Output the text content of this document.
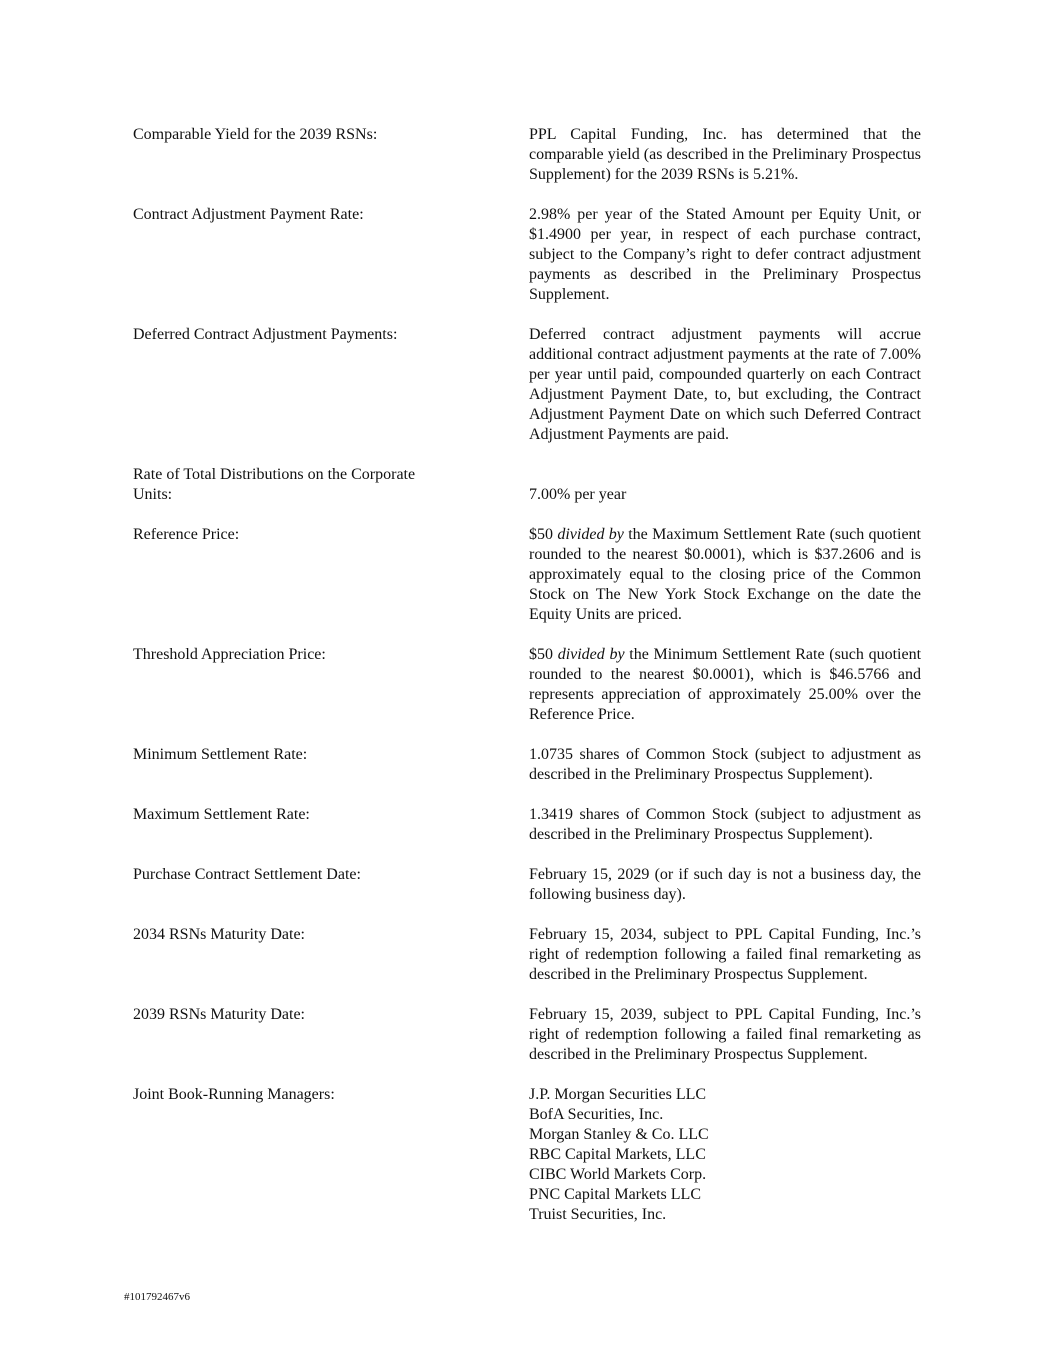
Comparable Yield for the 2039 RSNs:	PPL Capital Funding, Inc. has determined that the comparable yield (as described in the Preliminary Prospectus Supplement) for the 2039 RSNs is 5.21%.
Contract Adjustment Payment Rate:	2.98% per year of the Stated Amount per Equity Unit, or $1.4900 per year, in respect of each purchase contract, subject to the Company’s right to defer contract adjustment payments as described in the Preliminary Prospectus Supplement.
Deferred Contract Adjustment Payments:	Deferred contract adjustment payments will accrue additional contract adjustment payments at the rate of 7.00% per year until paid, compounded quarterly on each Contract Adjustment Payment Date, to, but excluding, the Contract Adjustment Payment Date on which such Deferred Contract Adjustment Payments are paid.
Rate of Total Distributions on the Corporate
Units:	7.00% per year
Reference Price:	$50 divided by the Maximum Settlement Rate (such quotient rounded to the nearest $0.0001), which is $37.2606 and is approximately equal to the closing price of the Common Stock on The New York Stock Exchange on the date the Equity Units are priced.
Threshold Appreciation Price:	$50 divided by the Minimum Settlement Rate (such quotient rounded to the nearest $0.0001), which is $46.5766 and represents appreciation of approximately 25.00% over the Reference Price.
Minimum Settlement Rate:	1.0735 shares of Common Stock (subject to adjustment as described in the Preliminary Prospectus Supplement).
Maximum Settlement Rate:	1.3419 shares of Common Stock (subject to adjustment as described in the Preliminary Prospectus Supplement).
Purchase Contract Settlement Date:	February 15, 2029 (or if such day is not a business day, the following business day).
2034 RSNs Maturity Date:	February 15, 2034, subject to PPL Capital Funding, Inc.’s right of redemption following a failed final remarketing as described in the Preliminary Prospectus Supplement.
2039 RSNs Maturity Date:	February 15, 2039, subject to PPL Capital Funding, Inc.’s right of redemption following a failed final remarketing as described in the Preliminary Prospectus Supplement.
Joint Book-Running Managers:	J.P. Morgan Securities LLC
BofA Securities, Inc.
Morgan Stanley & Co. LLC
RBC Capital Markets, LLC
CIBC World Markets Corp.
PNC Capital Markets LLC
Truist Securities, Inc.
#101792467v6
